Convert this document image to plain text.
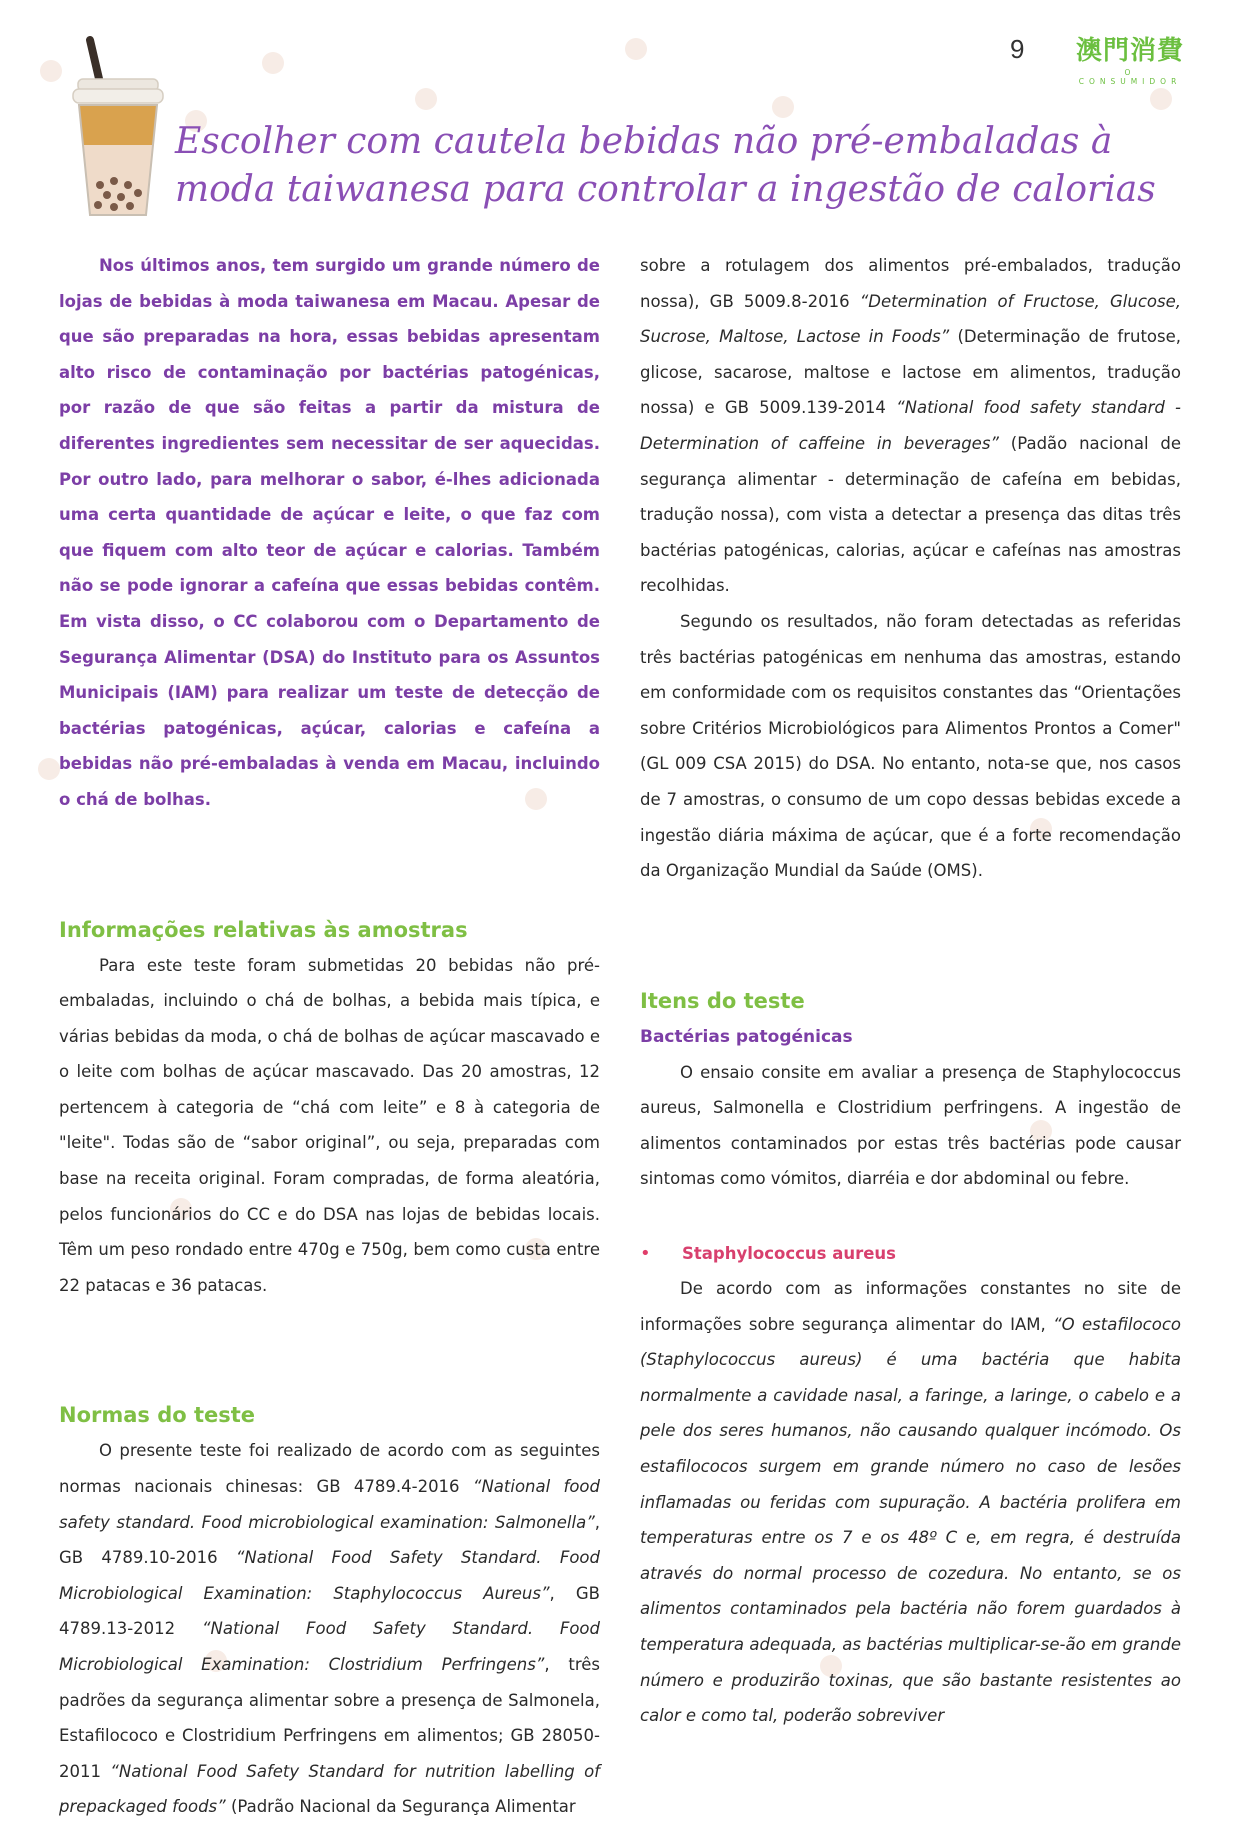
9 澳門消費
O CONSUMIDOR
Escolher com cautela bebidas não pré-embaladas à moda taiwanesa para controlar a ingestão de calorias

Nos últimos anos, tem surgido um grande número de lojas de bebidas à moda taiwanesa em Macau. Apesar de que são preparadas na hora, essas bebidas apresentam alto risco de contaminação por bactérias patogénicas, por razão de que são feitas a partir da mistura de diferentes ingredientes sem necessitar de ser aquecidas. Por outro lado, para melhorar o sabor, é-lhes adicionada uma certa quantidade de açúcar e leite, o que faz com que fiquem com alto teor de açúcar e calorias. Também não se pode ignorar a cafeína que essas bebidas contêm. Em vista disso, o CC colaborou com o Departamento de Segurança Alimentar (DSA) do Instituto para os Assuntos Municipais (IAM) para realizar um teste de detecção de bactérias patogénicas, açúcar, calorias e cafeína a bebidas não pré-embaladas à venda em Macau, incluindo o chá de bolhas.

Informações relativas às amostras

Para este teste foram submetidas 20 bebidas não pré-embaladas, incluindo o chá de bolhas, a bebida mais típica, e várias bebidas da moda, o chá de bolhas de açúcar mascavado e o leite com bolhas de açúcar mascavado. Das 20 amostras, 12 pertencem à categoria de “chá com leite” e 8 à categoria de "leite". Todas são de “sabor original”, ou seja, preparadas com base na receita original. Foram compradas, de forma aleatória, pelos funcionários do CC e do DSA nas lojas de bebidas locais. Têm um peso rondado entre 470g e 750g, bem como custa entre 22 patacas e 36 patacas.

Normas do teste

O presente teste foi realizado de acordo com as seguintes normas nacionais chinesas: GB 4789.4-2016 “National food safety standard. Food microbiological examination: Salmonella”, GB 4789.10-2016 “National Food Safety Standard. Food Microbiological Examination: Staphylococcus Aureus”, GB 4789.13-2012 “National Food Safety Standard. Food Microbiological Examination: Clostridium Perfringens”, três padrões da segurança alimentar sobre a presença de Salmonela, Estafilococo e Clostridium Perfringens em alimentos; GB 28050-2011 “National Food Safety Standard for nutrition labelling of prepackaged foods” (Padrão Nacional da Segurança Alimentar

sobre a rotulagem dos alimentos pré-embalados, tradução nossa), GB 5009.8-2016 “Determination of Fructose, Glucose, Sucrose, Maltose, Lactose in Foods” (Determinação de frutose, glicose, sacarose, maltose e lactose em alimentos, tradução nossa) e GB 5009.139-2014 “National food safety standard - Determination of caffeine in beverages” (Padão nacional de segurança alimentar - determinação de cafeína em bebidas, tradução nossa), com vista a detectar a presença das ditas três bactérias patogénicas, calorias, açúcar e cafeínas nas amostras recolhidas.

Segundo os resultados, não foram detectadas as referidas três bactérias patogénicas em nenhuma das amostras, estando em conformidade com os requisitos constantes das “Orientações sobre Critérios Microbiológicos para Alimentos Prontos a Comer" (GL 009 CSA 2015) do DSA. No entanto, nota-se que, nos casos de 7 amostras, o consumo de um copo dessas bebidas excede a ingestão diária máxima de açúcar, que é a forte recomendação da Organização Mundial da Saúde (OMS).

Itens do teste
Bactérias patogénicas

O ensaio consite em avaliar a presença de Staphylococcus aureus, Salmonella e Clostridium perfringens. A ingestão de alimentos contaminados por estas três bactérias pode causar sintomas como vómitos, diarréia e dor abdominal ou febre.

•	Staphylococcus aureus

De acordo com as informações constantes no site de informações sobre segurança alimentar do IAM, “O estafilococo (Staphylococcus aureus) é uma bactéria que habita normalmente a cavidade nasal, a faringe, a laringe, o cabelo e a pele dos seres humanos, não causando qualquer incómodo. Os estafilococos surgem em grande número no caso de lesões inflamadas ou feridas com supuração. A bactéria prolifera em temperaturas entre os 7 e os 48º C e, em regra, é destruída através do normal processo de cozedura. No entanto, se os alimentos contaminados pela bactéria não forem guardados à temperatura adequada, as bactérias multiplicar-se-ão em grande número e produzirão toxinas, que são bastante resistentes ao calor e como tal, poderão sobreviver
